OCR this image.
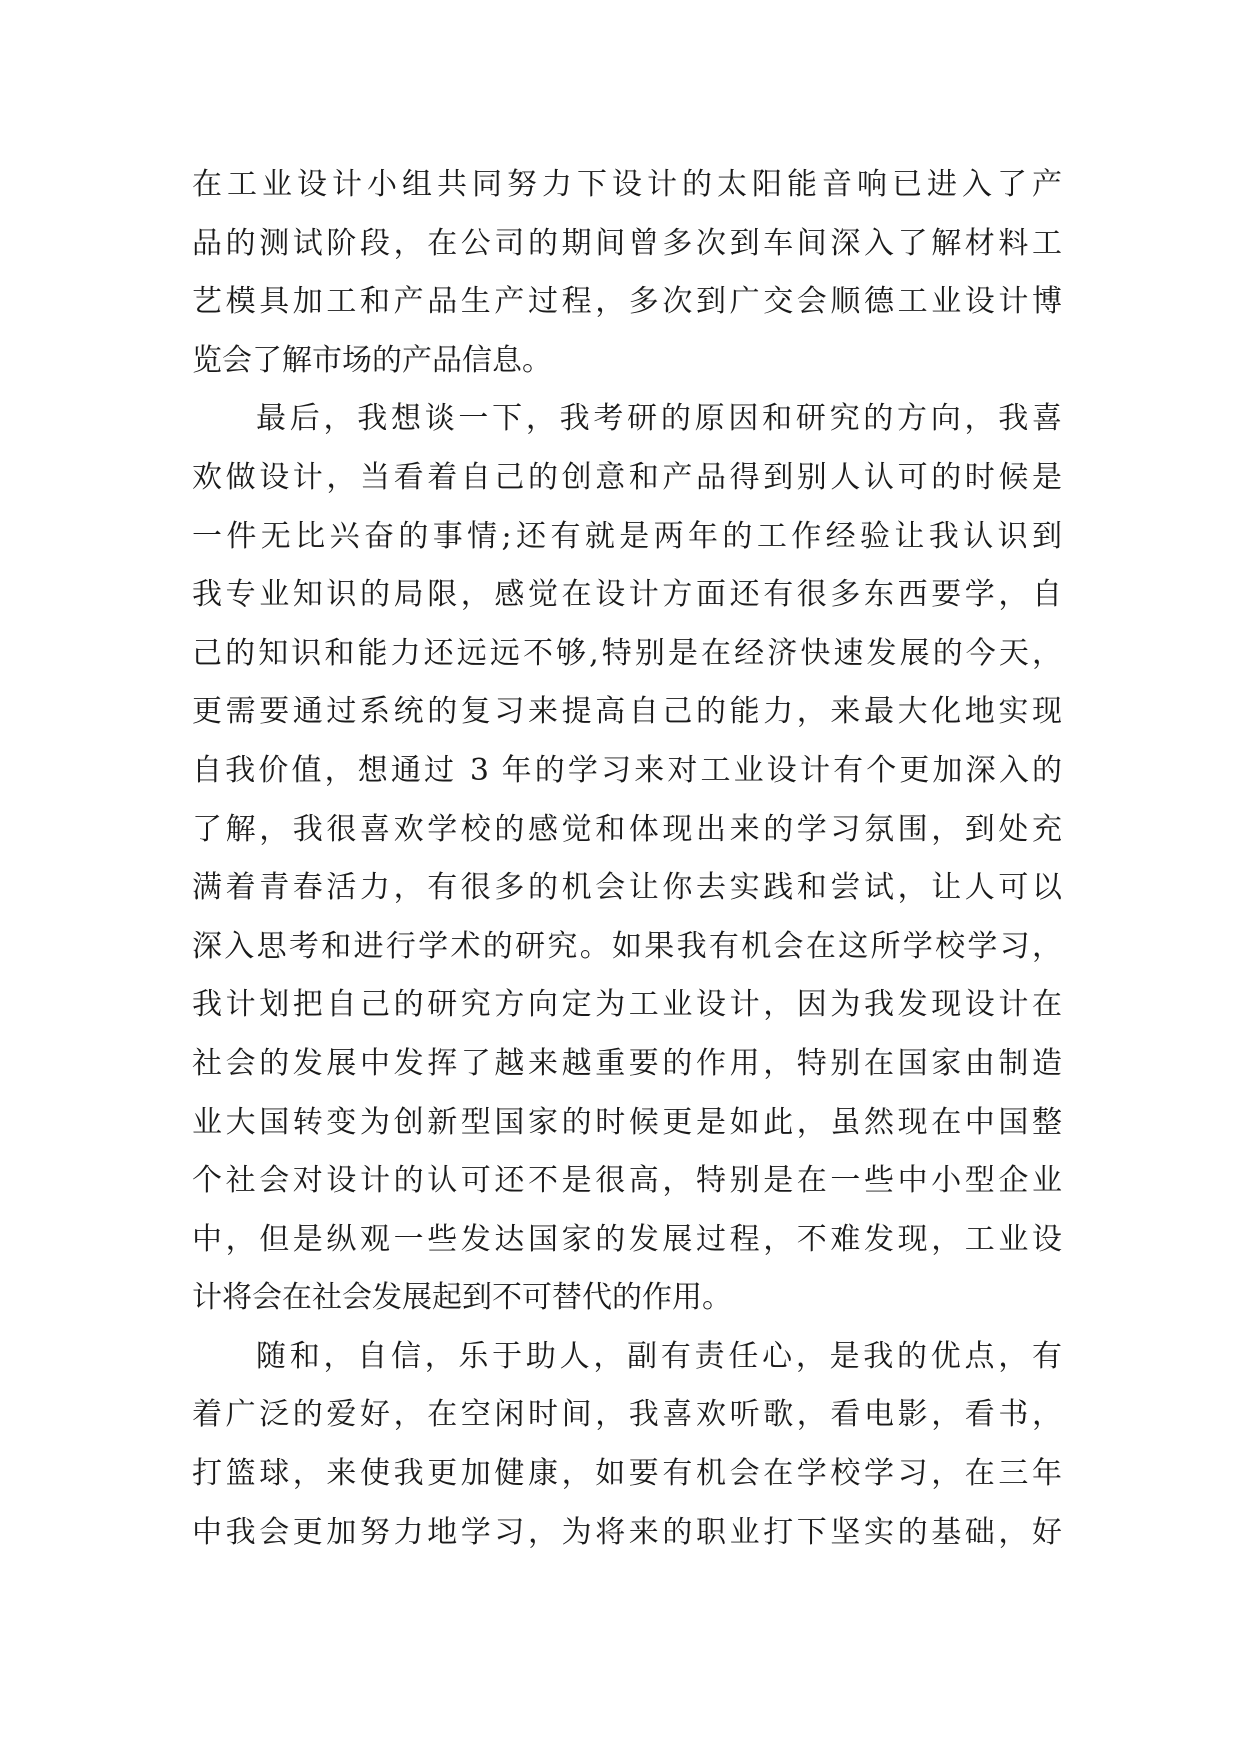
在工业设计小组共同努力下设计的太阳能音响已进入了产
品的测试阶段，在公司的期间曾多次到车间深入了解材料工
艺模具加工和产品生产过程，多次到广交会顺德工业设计博
览会了解市场的产品信息。
最后，我想谈一下，我考研的原因和研究的方向，我喜
欢做设计，当看着自己的创意和产品得到别人认可的时候是
一件无比兴奋的事情;还有就是两年的工作经验让我认识到
我专业知识的局限，感觉在设计方面还有很多东西要学，自
己的知识和能力还远远不够,特别是在经济快速发展的今天，
更需要通过系统的复习来提高自己的能力，来最大化地实现
自我价值，想通过 3 年的学习来对工业设计有个更加深入的
了解，我很喜欢学校的感觉和体现出来的学习氛围，到处充
满着青春活力，有很多的机会让你去实践和尝试，让人可以
深入思考和进行学术的研究。如果我有机会在这所学校学习，
我计划把自己的研究方向定为工业设计，因为我发现设计在
社会的发展中发挥了越来越重要的作用，特别在国家由制造
业大国转变为创新型国家的时候更是如此，虽然现在中国整
个社会对设计的认可还不是很高，特别是在一些中小型企业
中，但是纵观一些发达国家的发展过程，不难发现，工业设
计将会在社会发展起到不可替代的作用。
随和，自信，乐于助人，副有责任心，是我的优点，有
着广泛的爱好，在空闲时间，我喜欢听歌，看电影，看书，
打篮球，来使我更加健康，如要有机会在学校学习，在三年
中我会更加努力地学习，为将来的职业打下坚实的基础，好
